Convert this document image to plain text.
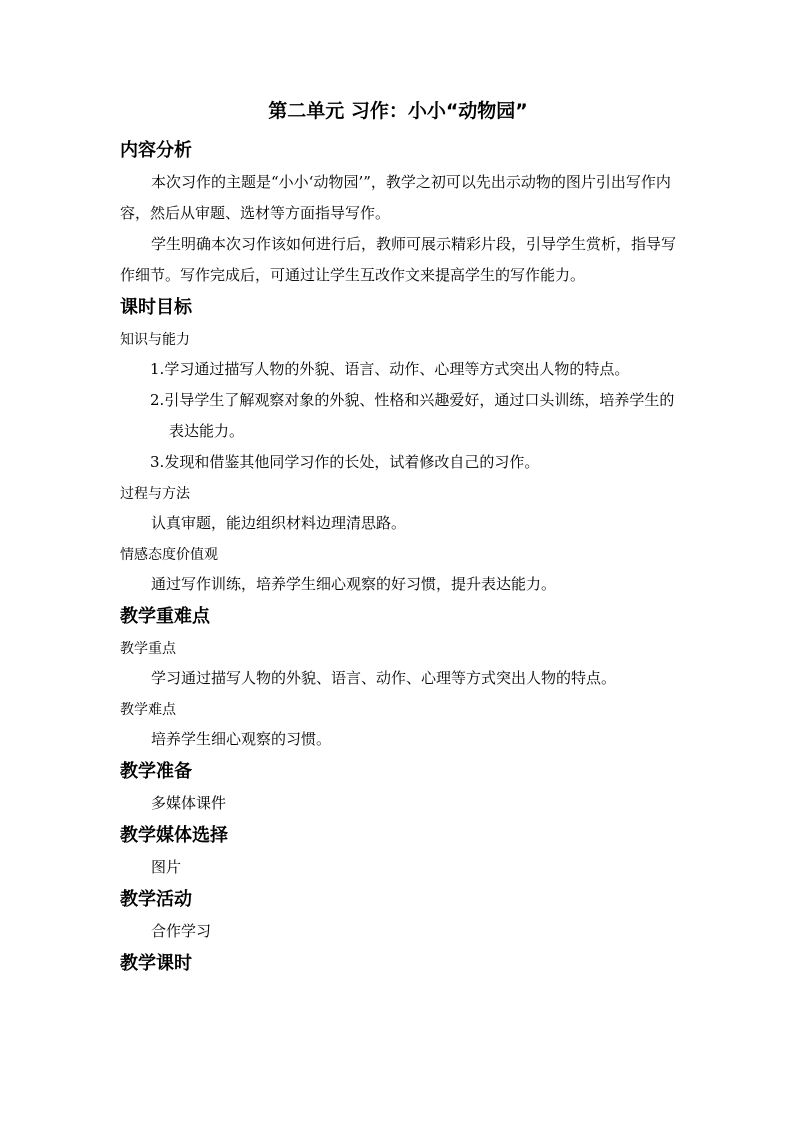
第二单元 习作：小小“动物园”
内容分析

本次习作的主题是“小小‘动物园’”，教学之初可以先出示动物的图片引出写作内容，然后从审题、选材等方面指导写作。

学生明确本次习作该如何进行后，教师可展示精彩片段，引导学生赏析，指导写作细节。写作完成后，可通过让学生互改作文来提高学生的写作能力。

课时目标
知识与能力
1.学习通过描写人物的外貌、语言、动作、心理等方式突出人物的特点。
2.引导学生了解观察对象的外貌、性格和兴趣爱好，通过口头训练，培养学生的表达能力。
3.发现和借鉴其他同学习作的长处，试着修改自己的习作。
过程与方法

认真审题，能边组织材料边理清思路。

情感态度价值观

通过写作训练，培养学生细心观察的好习惯，提升表达能力。

教学重难点
教学重点

学习通过描写人物的外貌、语言、动作、心理等方式突出人物的特点。

教学难点

培养学生细心观察的习惯。

教学准备

多媒体课件

教学媒体选择

图片

教学活动

合作学习

教学课时
